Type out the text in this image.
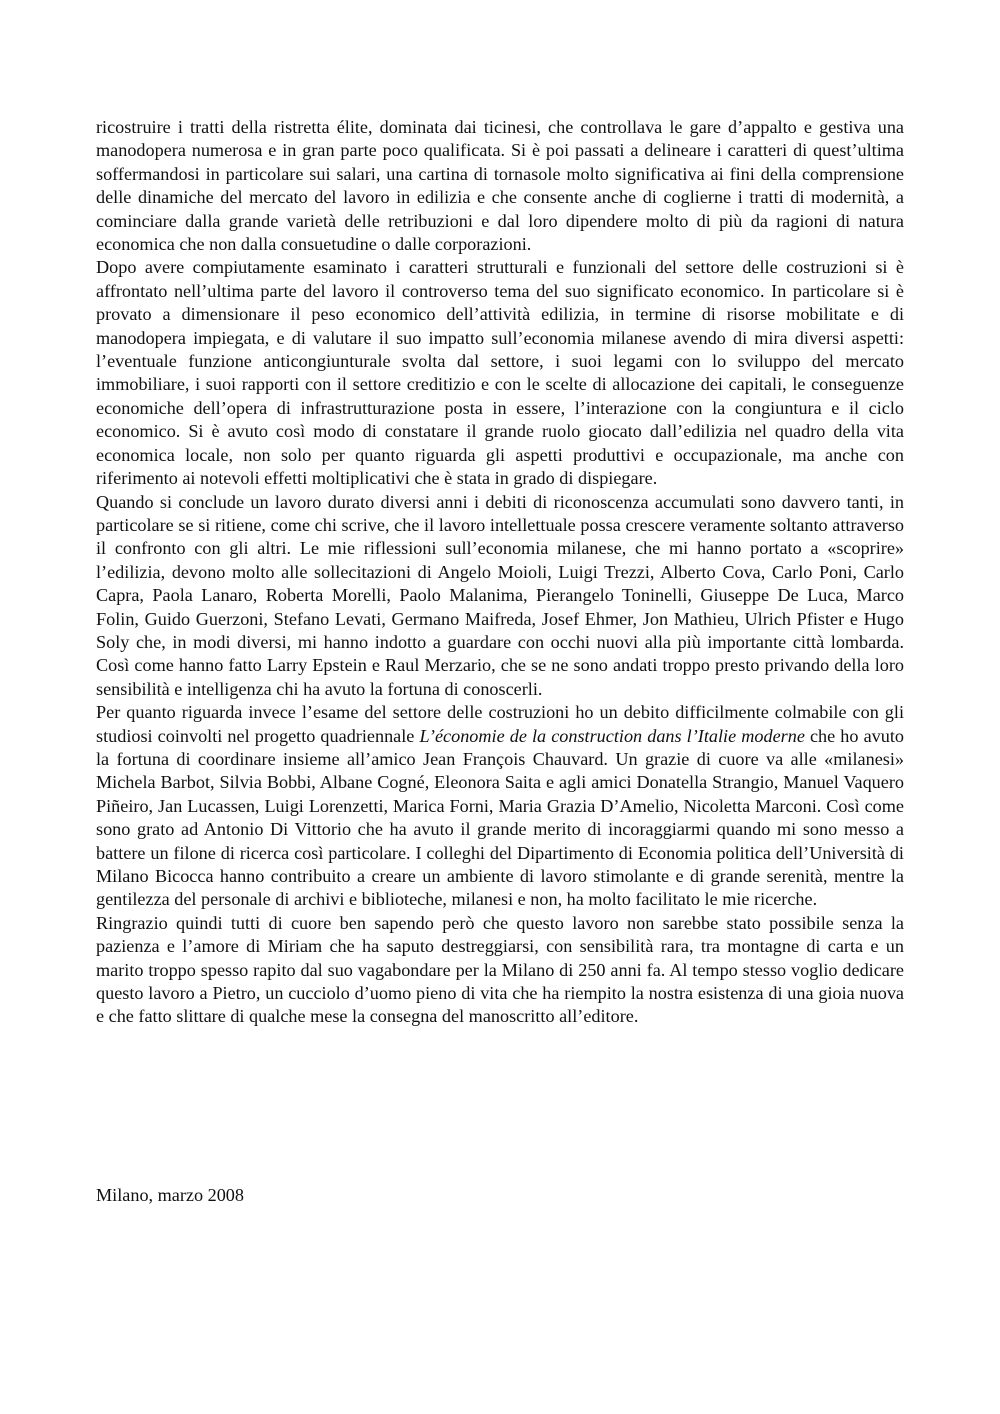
ricostruire i tratti della ristretta élite, dominata dai ticinesi, che controllava le gare d’appalto e gestiva una manodopera numerosa e in gran parte poco qualificata. Si è poi passati a delineare i caratteri di quest’ultima soffermandosi in particolare sui salari, una cartina di tornasole molto significativa ai fini della comprensione delle dinamiche del mercato del lavoro in edilizia e che consente anche di coglierne i tratti di modernità, a cominciare dalla grande varietà delle retribuzioni e dal loro dipendere molto di più da ragioni di natura economica che non dalla consuetudine o dalle corporazioni.

Dopo avere compiutamente esaminato i caratteri strutturali e funzionali del settore delle costruzioni si è affrontato nell’ultima parte del lavoro il controverso tema del suo significato economico. In particolare si è provato a dimensionare il peso economico dell’attività edilizia, in termine di risorse mobilitate e di manodopera impiegata, e di valutare il suo impatto sull’economia milanese avendo di mira diversi aspetti: l’eventuale funzione anticongiunturale svolta dal settore, i suoi legami con lo sviluppo del mercato immobiliare, i suoi rapporti con il settore creditizio e con le scelte di allocazione dei capitali, le conseguenze economiche dell’opera di infrastrutturazione posta in essere, l’interazione con la congiuntura e il ciclo economico. Si è avuto così modo di constatare il grande ruolo giocato dall’edilizia nel quadro della vita economica locale, non solo per quanto riguarda gli aspetti produttivi e occupazionale, ma anche con riferimento ai notevoli effetti moltiplicativi che è stata in grado di dispiegare.

Quando si conclude un lavoro durato diversi anni i debiti di riconoscenza accumulati sono davvero tanti, in particolare se si ritiene, come chi scrive, che il lavoro intellettuale possa crescere veramente soltanto attraverso il confronto con gli altri. Le mie riflessioni sull’economia milanese, che mi hanno portato a «scoprire» l’edilizia, devono molto alle sollecitazioni di Angelo Moioli, Luigi Trezzi, Alberto Cova, Carlo Poni, Carlo Capra, Paola Lanaro, Roberta Morelli, Paolo Malanima, Pierangelo Toninelli, Giuseppe De Luca, Marco Folin, Guido Guerzoni, Stefano Levati, Germano Maifreda, Josef Ehmer, Jon Mathieu, Ulrich Pfister e Hugo Soly che, in modi diversi, mi hanno indotto a guardare con occhi nuovi alla più importante città lombarda. Così come hanno fatto Larry Epstein e Raul Merzario, che se ne sono andati troppo presto privando della loro sensibilità e intelligenza chi ha avuto la fortuna di conoscerli.

Per quanto riguarda invece l’esame del settore delle costruzioni ho un debito difficilmente colmabile con gli studiosi coinvolti nel progetto quadriennale L’économie de la construction dans l’Italie moderne che ho avuto la fortuna di coordinare insieme all’amico Jean François Chauvard. Un grazie di cuore va alle «milanesi» Michela Barbot, Silvia Bobbi, Albane Cogné, Eleonora Saita e agli amici Donatella Strangio, Manuel Vaquero Piñeiro, Jan Lucassen, Luigi Lorenzetti, Marica Forni, Maria Grazia D’Amelio, Nicoletta Marconi. Così come sono grato ad Antonio Di Vittorio che ha avuto il grande merito di incoraggiarmi quando mi sono messo a battere un filone di ricerca così particolare. I colleghi del Dipartimento di Economia politica dell’Università di Milano Bicocca hanno contribuito a creare un ambiente di lavoro stimolante e di grande serenità, mentre la gentilezza del personale di archivi e biblioteche, milanesi e non, ha molto facilitato le mie ricerche.

Ringrazio quindi tutti di cuore ben sapendo però che questo lavoro non sarebbe stato possibile senza la pazienza e l’amore di Miriam che ha saputo destreggiarsi, con sensibilità rara, tra montagne di carta e un marito troppo spesso rapito dal suo vagabondare per la Milano di 250 anni fa. Al tempo stesso voglio dedicare questo lavoro a Pietro, un cucciolo d’uomo pieno di vita che ha riempito la nostra esistenza di una gioia nuova e che fatto slittare di qualche mese la consegna del manoscritto all’editore.

Milano, marzo 2008
